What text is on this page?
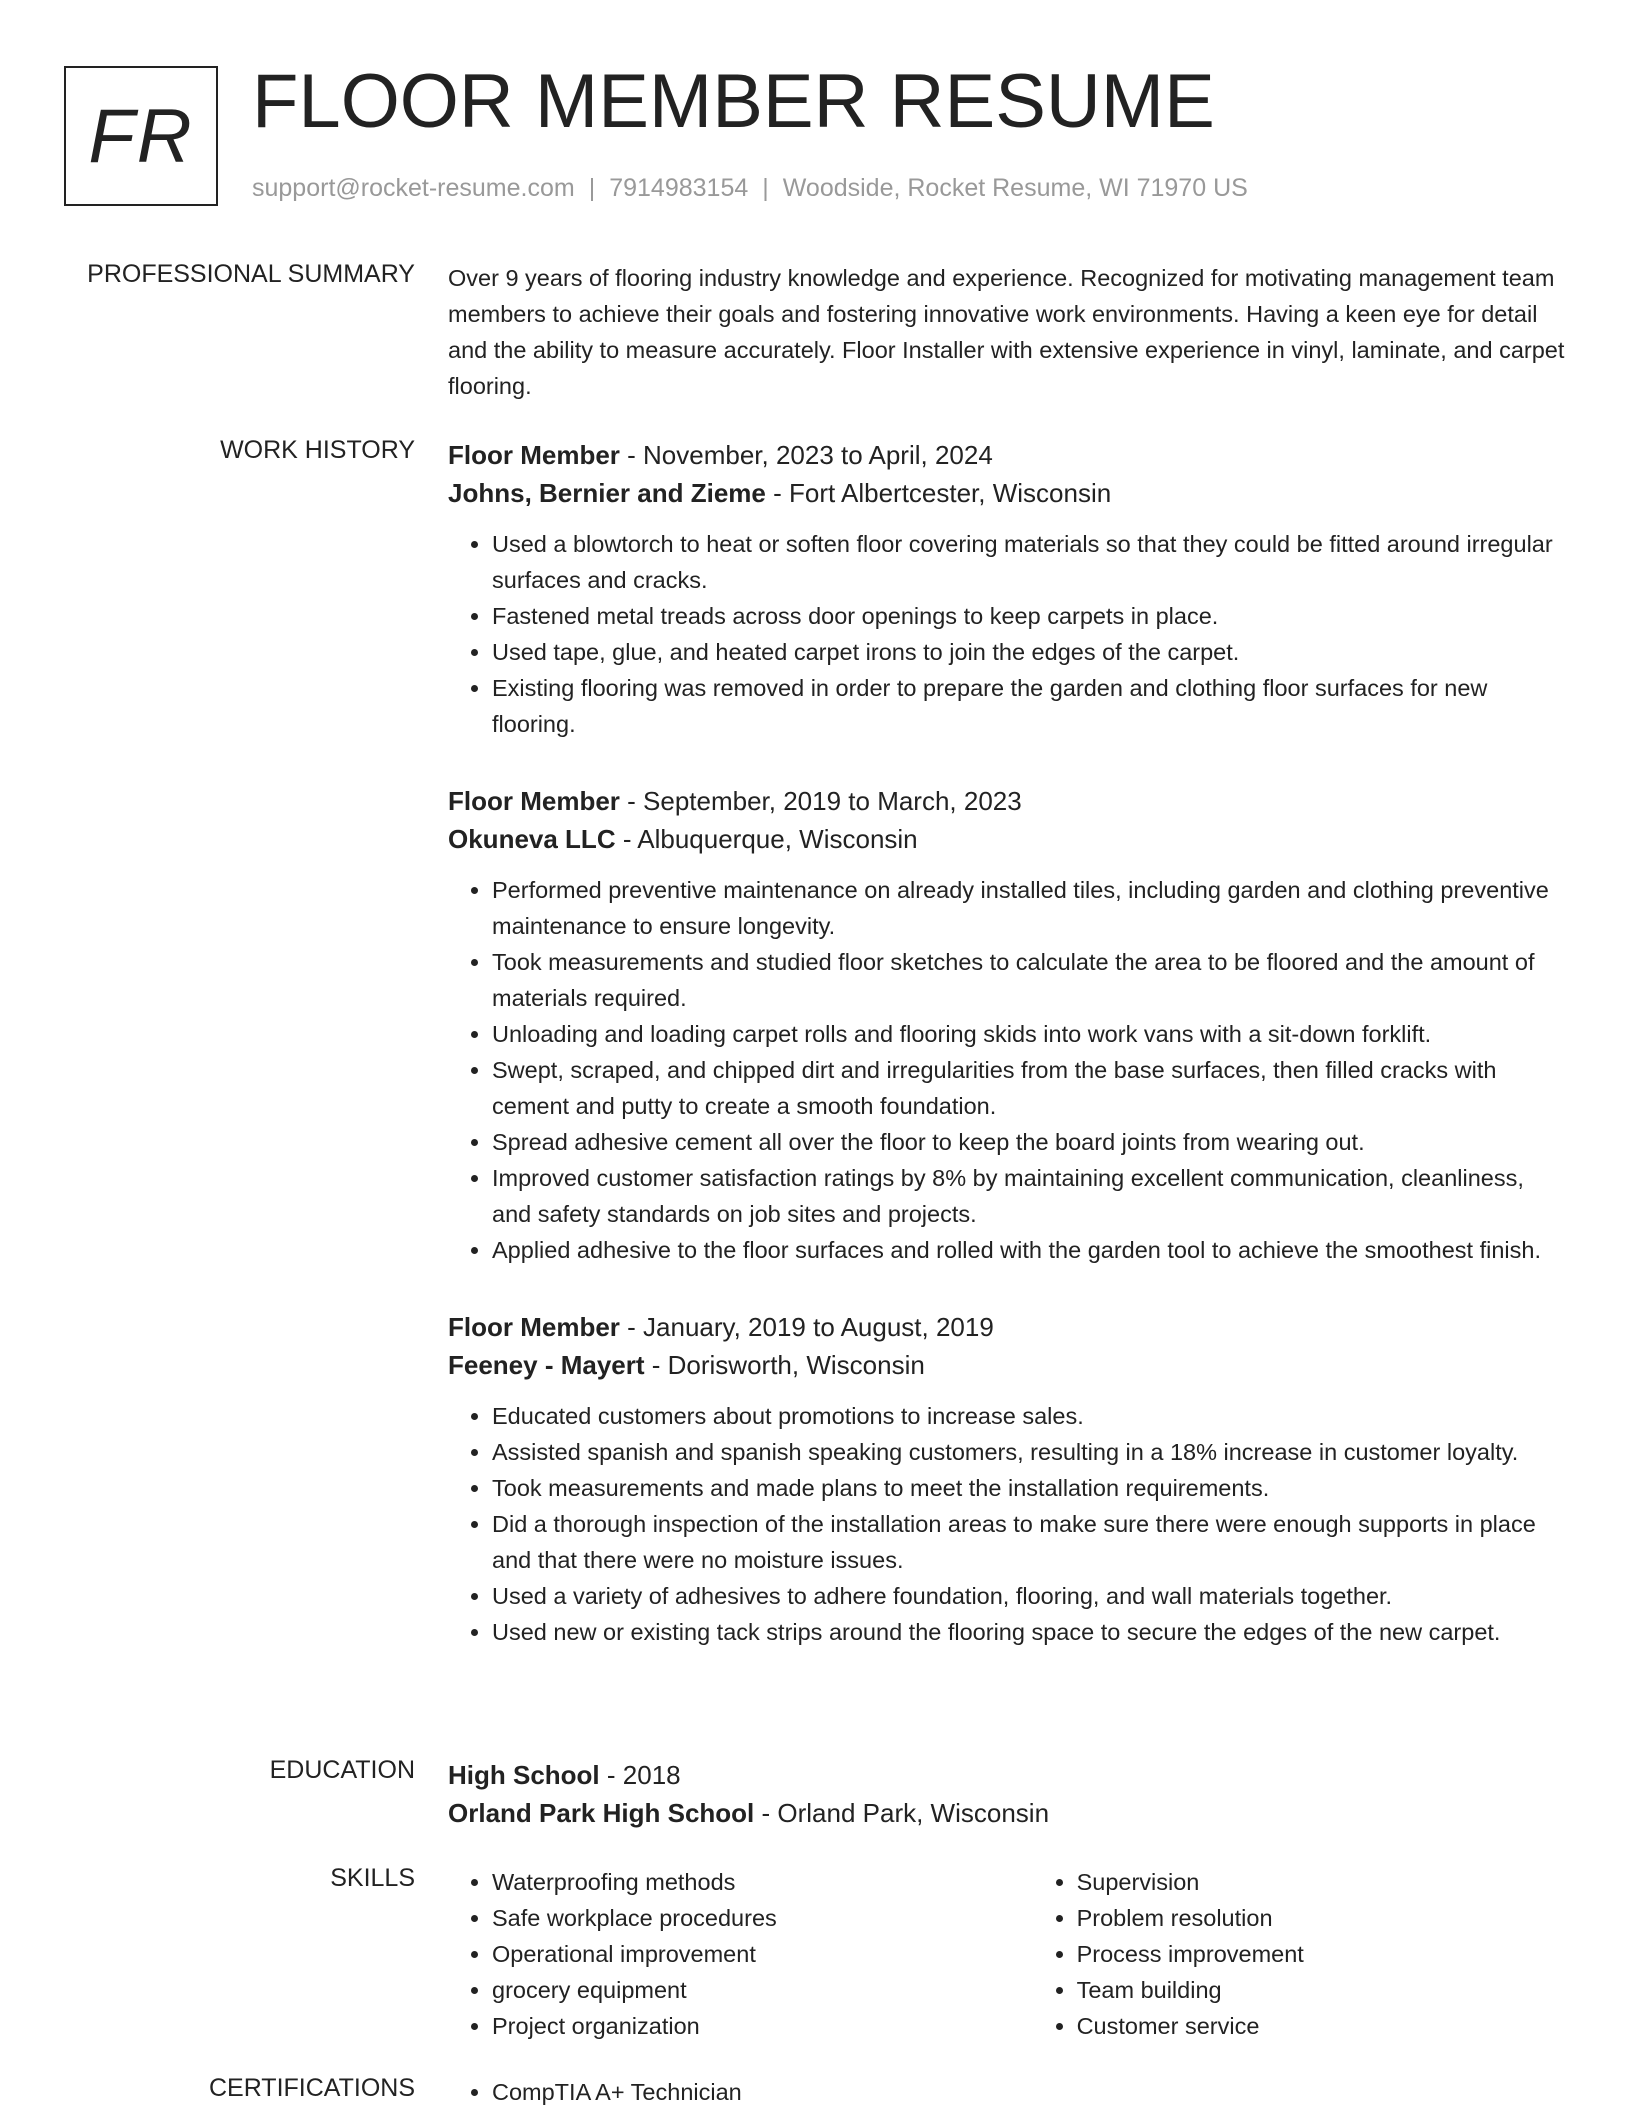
FR FLOOR MEMBER RESUME
support@rocket-resume.com | 7914983154 | Woodside, Rocket Resume, WI 71970 US
PROFESSIONAL SUMMARY Over 9 years of flooring industry knowledge and experience. Recognized for motivating management team members to achieve their goals and fostering innovative work environments. Having a keen eye for detail and the ability to measure accurately. Floor Installer with extensive experience in vinyl, laminate, and carpet flooring.

WORK HISTORY Floor Member - November, 2023 to April, 2024
Johns, Bernier and Zieme - Fort Albertcester, Wisconsin
• Used a blowtorch to heat or soften floor covering materials so that they could be fitted around irregular surfaces and cracks.
• Fastened metal treads across door openings to keep carpets in place.
• Used tape, glue, and heated carpet irons to join the edges of the carpet.
• Existing flooring was removed in order to prepare the garden and clothing floor surfaces for new flooring.
Floor Member - September, 2019 to March, 2023
Okuneva LLC - Albuquerque, Wisconsin
• Performed preventive maintenance on already installed tiles, including garden and clothing preventive maintenance to ensure longevity.
• Took measurements and studied floor sketches to calculate the area to be floored and the amount of materials required.
• Unloading and loading carpet rolls and flooring skids into work vans with a sit-down forklift.
• Swept, scraped, and chipped dirt and irregularities from the base surfaces, then filled cracks with cement and putty to create a smooth foundation.
• Spread adhesive cement all over the floor to keep the board joints from wearing out.
• Improved customer satisfaction ratings by 8% by maintaining excellent communication, cleanliness, and safety standards on job sites and projects.
• Applied adhesive to the floor surfaces and rolled with the garden tool to achieve the smoothest finish.
Floor Member - January, 2019 to August, 2019
Feeney - Mayert - Dorisworth, Wisconsin
• Educated customers about promotions to increase sales.
• Assisted spanish and spanish speaking customers, resulting in a 18% increase in customer loyalty.
• Took measurements and made plans to meet the installation requirements.
• Did a thorough inspection of the installation areas to make sure there were enough supports in place and that there were no moisture issues.
• Used a variety of adhesives to adhere foundation, flooring, and wall materials together.
• Used new or existing tack strips around the flooring space to secure the edges of the new carpet.
EDUCATION High School - 2018
Orland Park High School - Orland Park, Wisconsin
SKILLS	• Waterproofing methods
• Safe workplace procedures
• Operational improvement
• grocery equipment
• Project organization
• Supervision
• Problem resolution
• Process improvement
• Team building
• Customer service
CERTIFICATIONS	• CompTIA A+ Technician
